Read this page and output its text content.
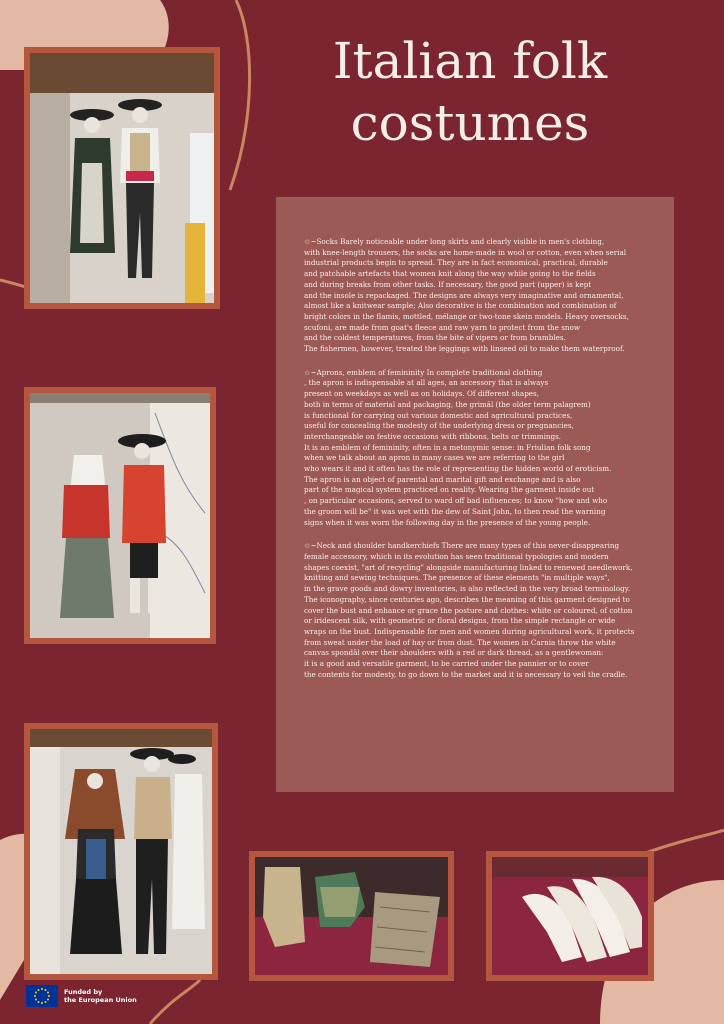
Italian folk costumes

☆~Socks Barely noticeable under long skirts and clearly visible in men's clothing,
with knee-length trousers, the socks are home-made in wool or cotton, even when serial
industrial products begin to spread. They are in fact economical, practical, durable
and patchable artefacts that women knit along the way while going to the fields
and during breaks from other tasks. If necessary, the good part (upper) is kept
and the insole is repackaged. The designs are always very imaginative and ornamental,
almost like a knitwear sample; Also decorative is the combination and combination of
bright colors in the flamis, mottled, mélange or two-tone skein models. Heavy oversocks,
scufoni, are made from goat's fleece and raw yarn to protect from the snow
and the coldest temperatures, from the bite of vipers or from brambles.
The fishermen, however, treated the leggings with linseed oil to make them waterproof.

☆~Aprons, emblem of femininity In complete traditional clothing
, the apron is indispensable at all ages, an accessory that is always
present on weekdays as well as on holidays. Of different shapes,
both in terms of material and packaging, the grimâl (the older term palagrem)
is functional for carrying out various domestic and agricultural practices,
useful for concealing the modesty of the underlying dress or pregnancies,
interchangeable on festive occasions with ribbons, belts or trimmings.
It is an emblem of femininity, often in a metonymic sense: in Friulian folk song
when we talk about an apron in many cases we are referring to the girl
who wears it and it often has the role of representing the hidden world of eroticism.
The apron is an object of parental and marital gift and exchange and is also
part of the magical system practiced on reality. Wearing the garment inside out
, on particular occasions, served to ward off bad influences; to know "how and who
the groom will be" it was wet with the dew of Saint John, to then read the warning
signs when it was worn the following day in the presence of the young people.

☆~Neck and shoulder handkerchiefs There are many types of this never-disappearing
female accessory, which in its evolution has seen traditional typologies and modern
shapes coexist, "art of recycling" alongside manufacturing linked to renewed needlework,
knitting and sewing techniques. The presence of these elements "in multiple ways",
in the grave goods and dowry inventories, is also reflected in the very broad terminology.
The iconography, since centuries ago, describes the meaning of this garment designed to
cover the bust and enhance or grace the posture and clothes: white or coloured, of cotton
or iridescent silk, with geometric or floral designs, from the simple rectangle or wide
wraps on the bust. Indispensable for men and women during agricultural work, it protects
from sweat under the load of hay or from dust. The women in Carnia throw the white
canvas spondâl over their shoulders with a red or dark thread, as a gentlewoman:
it is a good and versatile garment, to be carried under the pannier or to cover
the contents for modesty, to go down to the market and it is necessary to veil the cradle.

Funded by
the European Union
